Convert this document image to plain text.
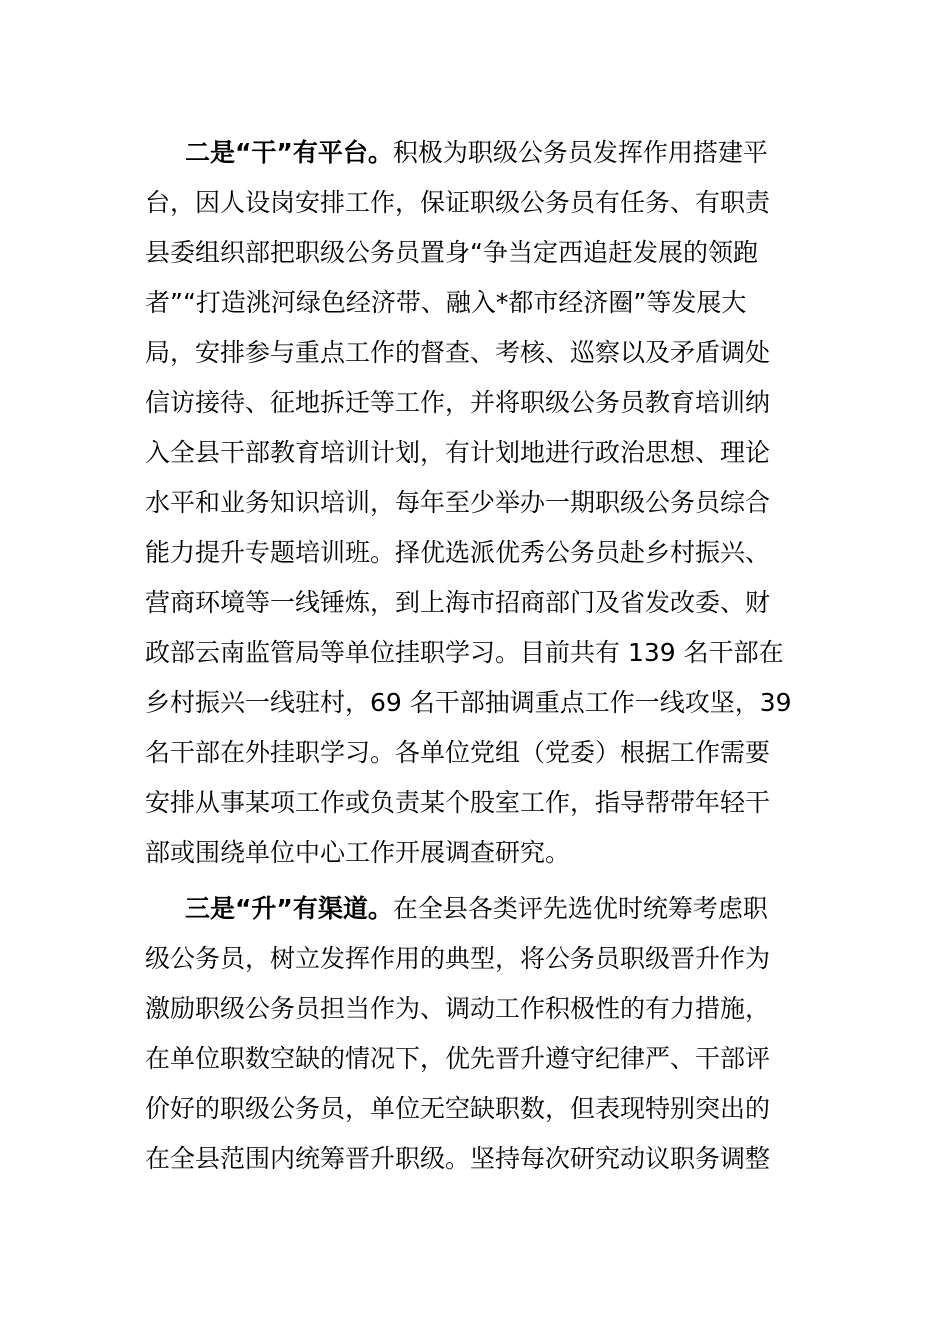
二是“干”有平台。积极为职级公务员发挥作用搭建平
台，因人设岗安排工作，保证职级公务员有任务、有职责
县委组织部把职级公务员置身“争当定西追赶发展的领跑
者”“打造洮河绿色经济带、融入*都市经济圈”等发展大
局，安排参与重点工作的督查、考核、巡察以及矛盾调处
信访接待、征地拆迁等工作，并将职级公务员教育培训纳
入全县干部教育培训计划，有计划地进行政治思想、理论
水平和业务知识培训，每年至少举办一期职级公务员综合
能力提升专题培训班。择优选派优秀公务员赴乡村振兴、
营商环境等一线锤炼，到上海市招商部门及省发改委、财
政部云南监管局等单位挂职学习。目前共有 139 名干部在
乡村振兴一线驻村，69 名干部抽调重点工作一线攻坚，39
名干部在外挂职学习。各单位党组（党委）根据工作需要
安排从事某项工作或负责某个股室工作，指导帮带年轻干
部或围绕单位中心工作开展调查研究。
三是“升”有渠道。在全县各类评先选优时统筹考虑职
级公务员，树立发挥作用的典型，将公务员职级晋升作为
激励职级公务员担当作为、调动工作积极性的有力措施，
在单位职数空缺的情况下，优先晋升遵守纪律严、干部评
价好的职级公务员，单位无空缺职数，但表现特别突出的
在全县范围内统筹晋升职级。坚持每次研究动议职务调整
